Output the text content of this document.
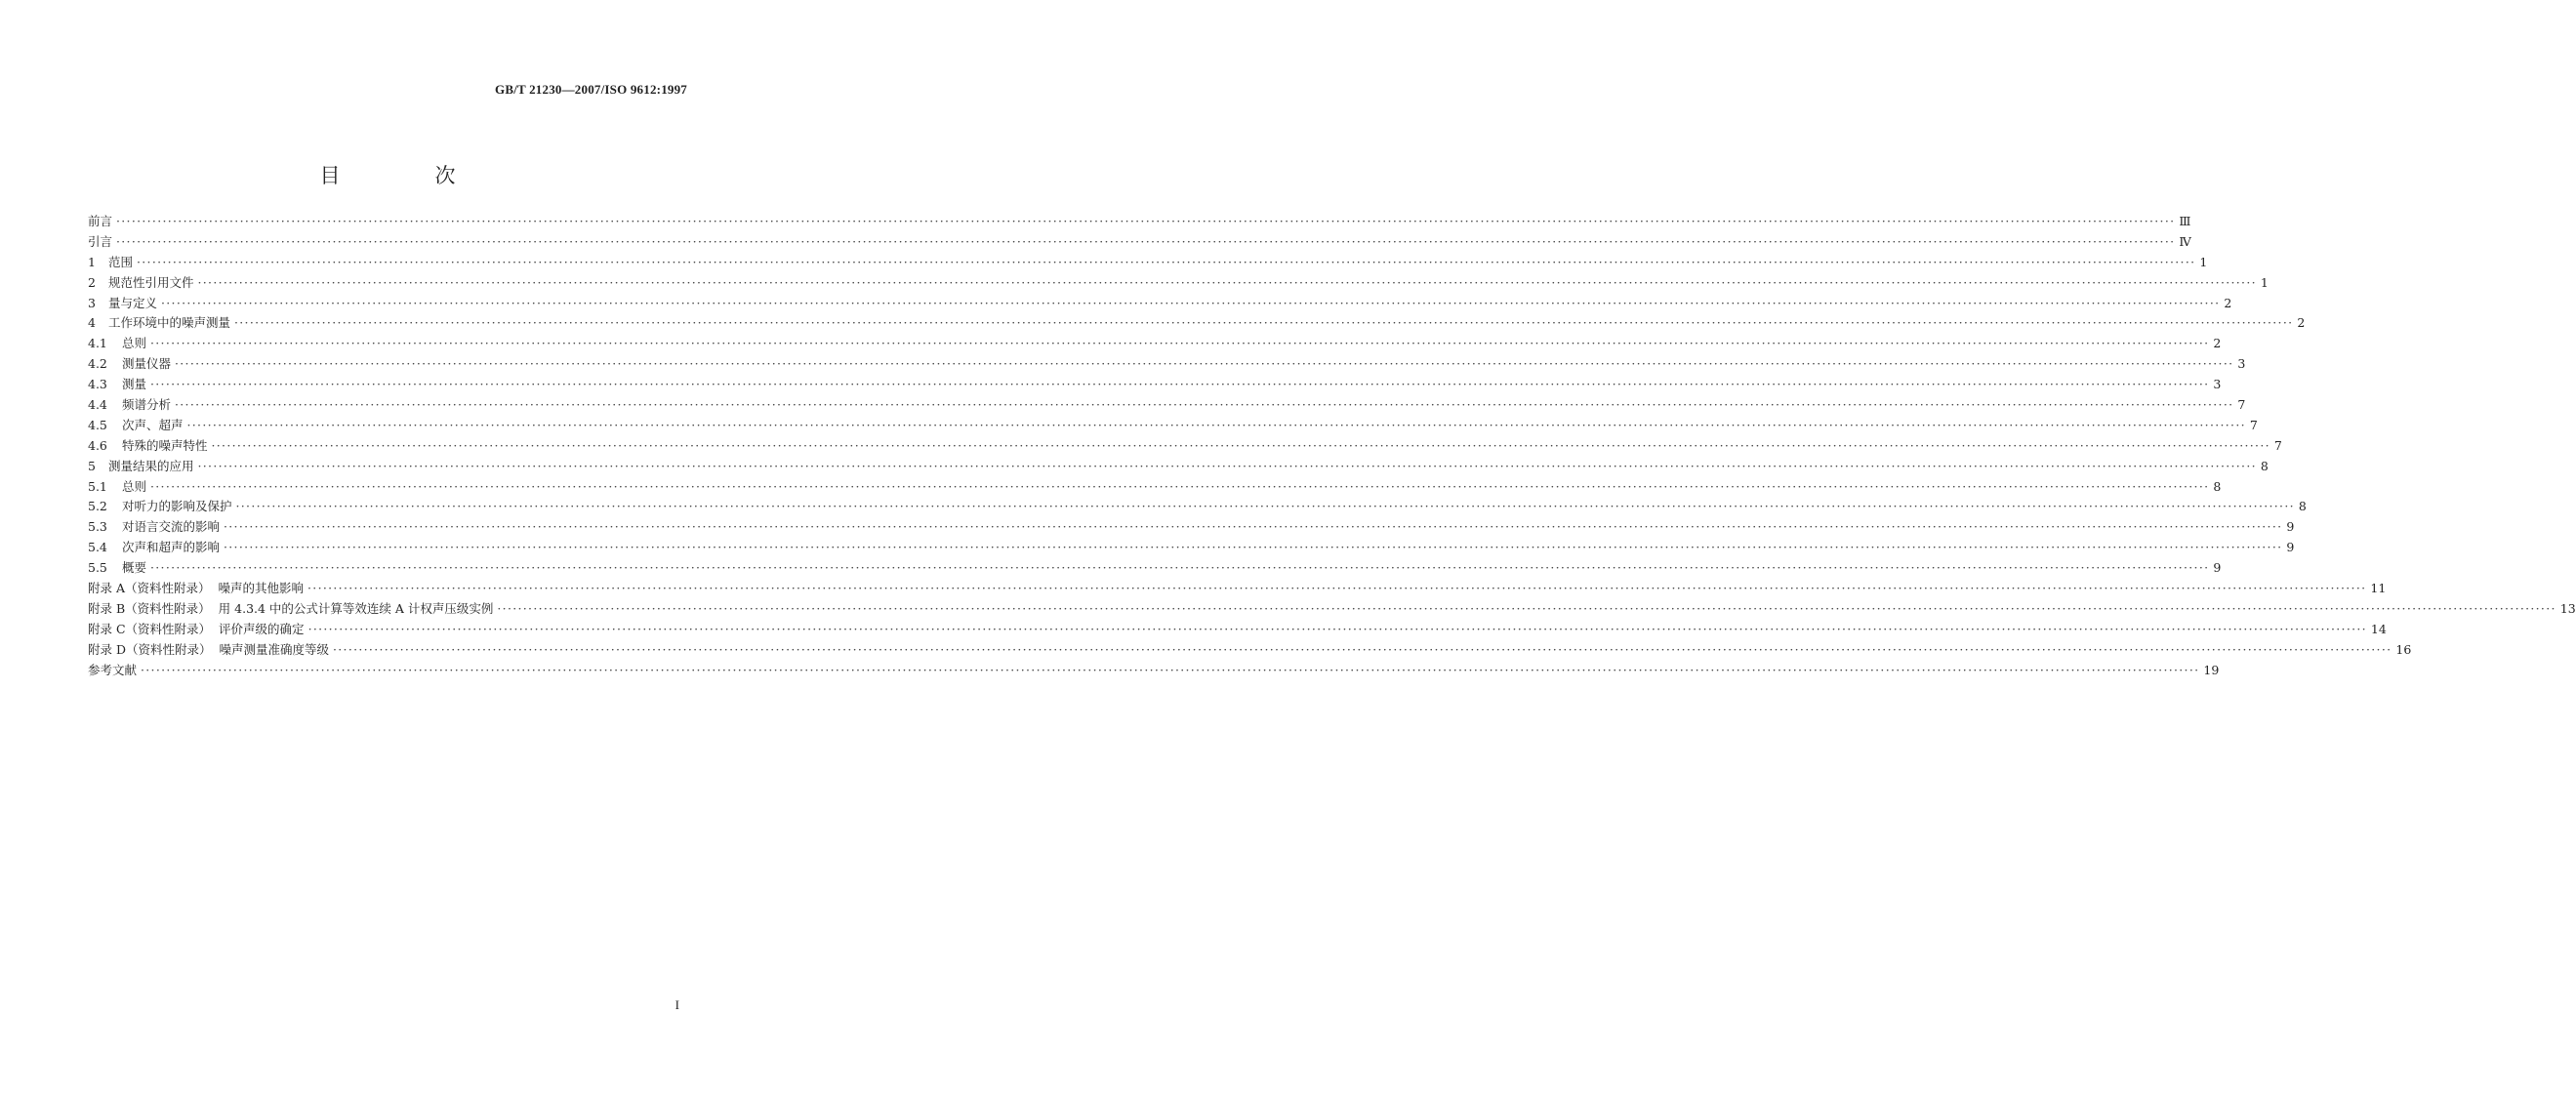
GB/T 21230—2007/ISO 9612:1997
目　次
前言 ················································································································································································································································································································································································································ Ⅲ
引言 ················································································································································································································································································································································································································ Ⅳ
1 范围 ················································································································································································································································································································································································································ 1
2 规范性引用文件 ················································································································································································································································································································································································································ 1
3 量与定义 ················································································································································································································································································································································································································ 2
4 工作环境中的噪声测量 ················································································································································································································································································································································································································ 2
4.1 总则 ················································································································································································································································································································································································································ 2
4.2 测量仪器 ················································································································································································································································································································································································································ 3
4.3 测量 ················································································································································································································································································································································································································ 3
4.4 频谱分析 ················································································································································································································································································································································································································ 7
4.5 次声、超声 ················································································································································································································································································································································································································ 7
4.6 特殊的噪声特性 ················································································································································································································································································································································································································ 7
5 测量结果的应用 ················································································································································································································································································································································································································ 8
5.1 总则 ················································································································································································································································································································································································································ 8
5.2 对听力的影响及保护 ················································································································································································································································································································································································································ 8
5.3 对语言交流的影响 ················································································································································································································································································································································································································ 9
5.4 次声和超声的影响 ················································································································································································································································································································································································································ 9
5.5 概要 ················································································································································································································································································································································································································ 9
附录 A（资料性附录） 噪声的其他影响 ················································································································································································································································································································································································································ 11
附录 B（资料性附录） 用 4.3.4 中的公式计算等效连续 A 计权声压级实例 ················································································································································································································································································································································································································ 13
附录 C（资料性附录） 评价声级的确定 ················································································································································································································································································································································································································ 14
附录 D（资料性附录） 噪声测量准确度等级 ················································································································································································································································································································································································································ 16
参考文献 ················································································································································································································································································································································································································ 19
I
